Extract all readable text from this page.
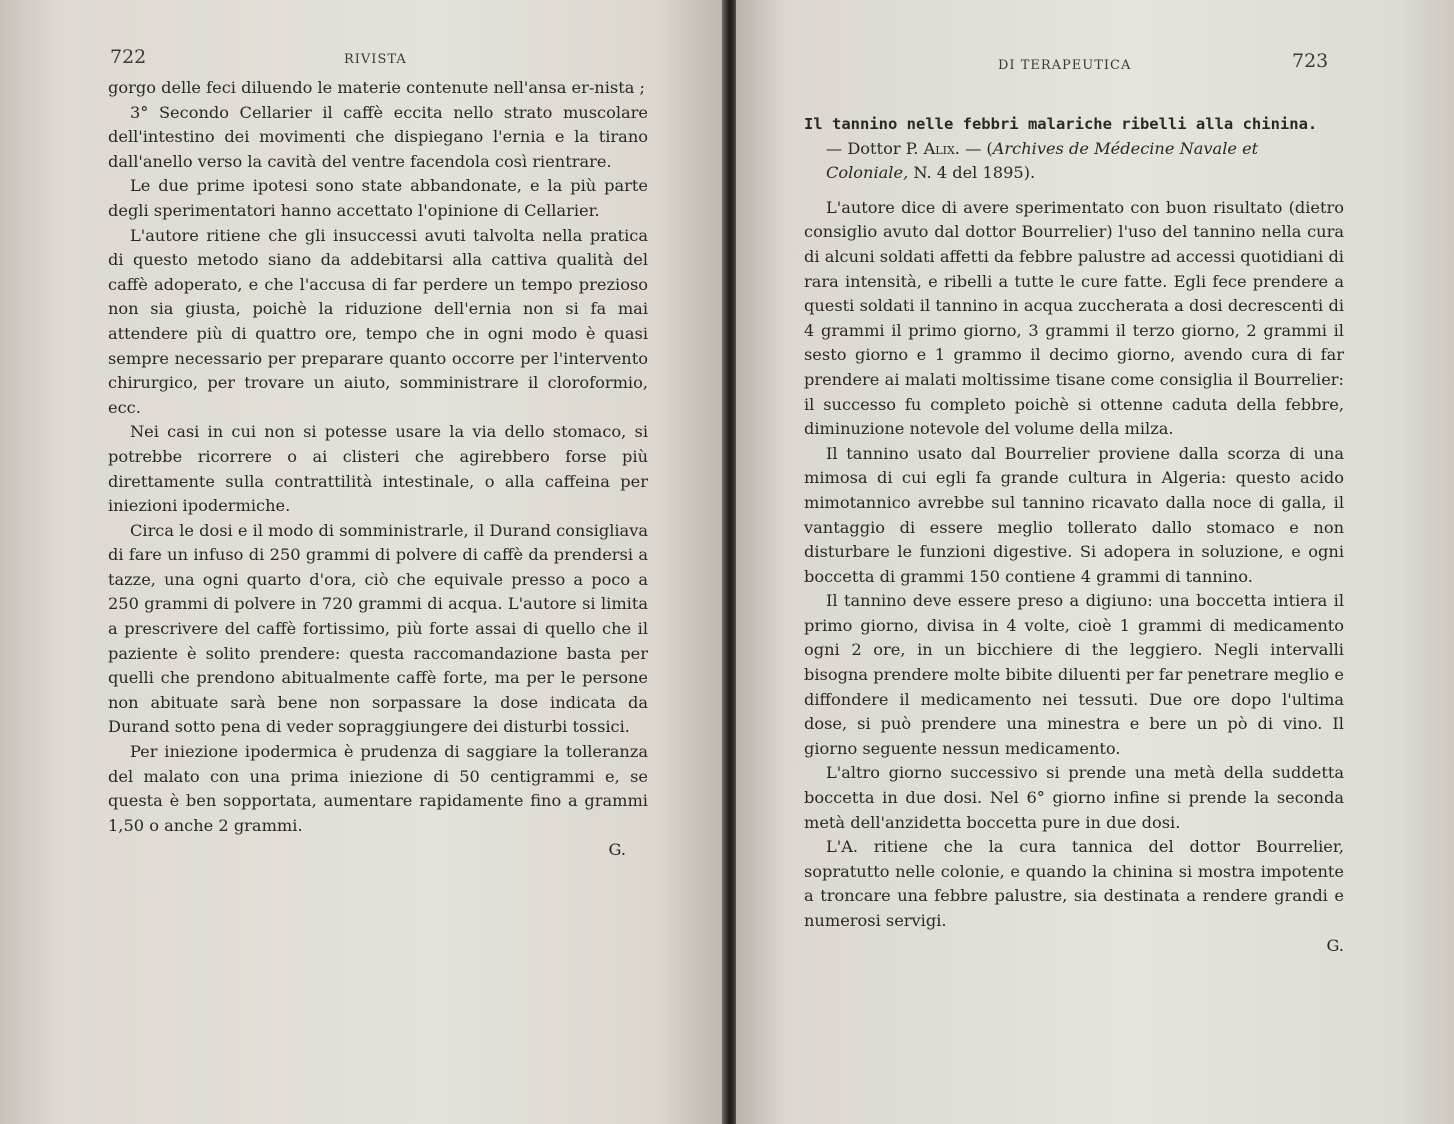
722	RIVISTA

gorgo delle feci diluendo le materie contenute nell'ansa er-nista ;

3° Secondo Cellarier il caffè eccita nello strato muscolare dell'intestino dei movimenti che dispiegano l'ernia e la tirano dall'anello verso la cavità del ventre facendola così rientrare.

Le due prime ipotesi sono state abbandonate, e la più parte degli sperimentatori hanno accettato l'opinione di Cellarier.

L'autore ritiene che gli insuccessi avuti talvolta nella pratica di questo metodo siano da addebitarsi alla cattiva qualità del caffè adoperato, e che l'accusa di far perdere un tempo prezioso non sia giusta, poichè la riduzione dell'ernia non si fa mai attendere più di quattro ore, tempo che in ogni modo è quasi sempre necessario per preparare quanto occorre per l'intervento chirurgico, per trovare un aiuto, somministrare il cloroformio, ecc.

Nei casi in cui non si potesse usare la via dello stomaco, si potrebbe ricorrere o ai clisteri che agirebbero forse più direttamente sulla contrattilità intestinale, o alla caffeina per iniezioni ipodermiche.

Circa le dosi e il modo di somministrarle, il Durand consigliava di fare un infuso di 250 grammi di polvere di caffè da prendersi a tazze, una ogni quarto d'ora, ciò che equivale presso a poco a 250 grammi di polvere in 720 grammi di acqua. L'autore si limita a prescrivere del caffè fortissimo, più forte assai di quello che il paziente è solito prendere: questa raccomandazione basta per quelli che prendono abitualmente caffè forte, ma per le persone non abituate sarà bene non sorpassare la dose indicata da Durand sotto pena di veder sopraggiungere dei disturbi tossici.

Per iniezione ipodermica è prudenza di saggiare la tolleranza del malato con una prima iniezione di 50 centigrammi e, se questa è ben sopportata, aumentare rapidamente fino a grammi 1,50 o anche 2 grammi.

G.
DI TERAPEUTICA	723

Il tannino nelle febbri malariche ribelli alla chinina.
— Dottor P. Alix. — (Archives de Médecine Navale et Coloniale, N. 4 del 1895).

L'autore dice di avere sperimentato con buon risultato (dietro consiglio avuto dal dottor Bourrelier) l'uso del tannino nella cura di alcuni soldati affetti da febbre palustre ad accessi quotidiani di rara intensità, e ribelli a tutte le cure fatte. Egli fece prendere a questi soldati il tannino in acqua zuccherata a dosi decrescenti di 4 grammi il primo giorno, 3 grammi il terzo giorno, 2 grammi il sesto giorno e 1 grammo il decimo giorno, avendo cura di far prendere ai malati moltissime tisane come consiglia il Bourrelier: il successo fu completo poichè si ottenne caduta della febbre, diminuzione notevole del volume della milza.

Il tannino usato dal Bourrelier proviene dalla scorza di una mimosa di cui egli fa grande cultura in Algeria: questo acido mimotannico avrebbe sul tannino ricavato dalla noce di galla, il vantaggio di essere meglio tollerato dallo stomaco e non disturbare le funzioni digestive. Si adopera in soluzione, e ogni boccetta di grammi 150 contiene 4 grammi di tannino.

Il tannino deve essere preso a digiuno: una boccetta intiera il primo giorno, divisa in 4 volte, cioè 1 grammi di medicamento ogni 2 ore, in un bicchiere di the leggiero. Negli intervalli bisogna prendere molte bibite diluenti per far penetrare meglio e diffondere il medicamento nei tessuti. Due ore dopo l'ultima dose, si può prendere una minestra e bere un pò di vino. Il giorno seguente nessun medicamento.

L'altro giorno successivo si prende una metà della suddetta boccetta in due dosi. Nel 6° giorno infine si prende la seconda metà dell'anzidetta boccetta pure in due dosi.

L'A. ritiene che la cura tannica del dottor Bourrelier, sopratutto nelle colonie, e quando la chinina si mostra impotente a troncare una febbre palustre, sia destinata a rendere grandi e numerosi servigi.

G.
